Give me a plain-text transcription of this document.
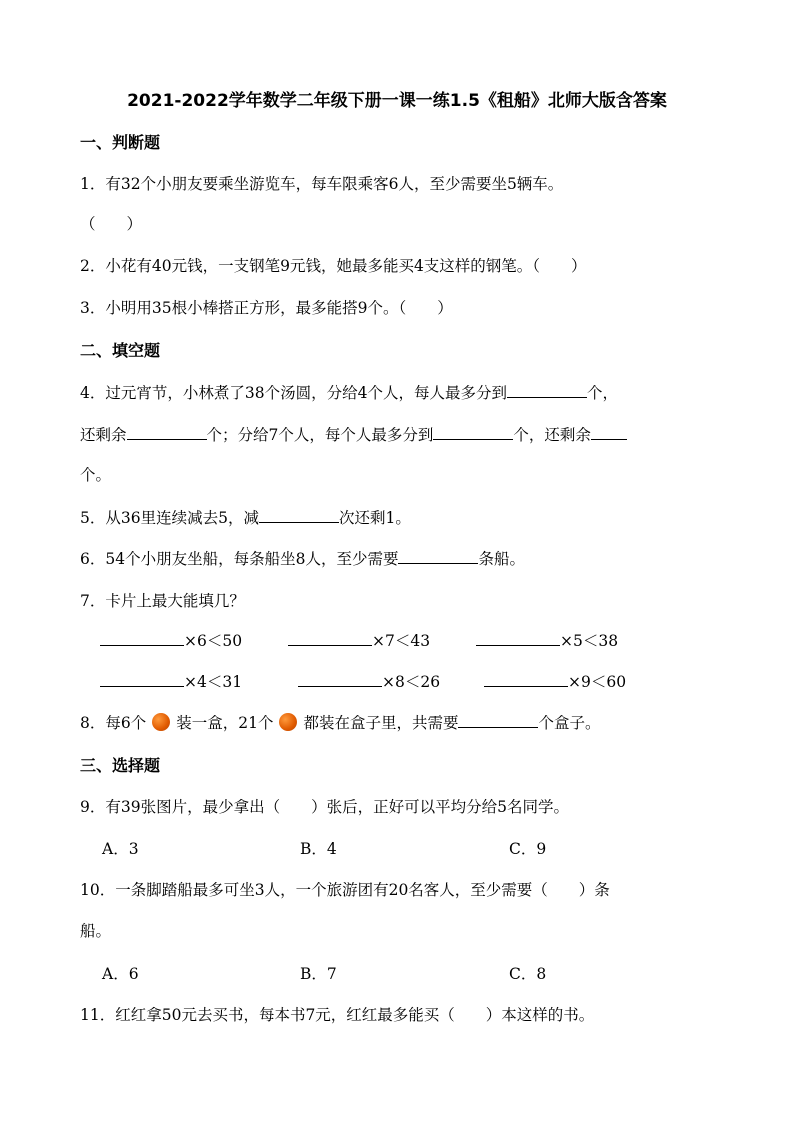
2021-2022学年数学二年级下册一课一练1.5《租船》北师大版含答案
一、判断题
1．有32个小朋友要乘坐游览车，每车限乘客6人，至少需要坐5辆车。
（　　）
2．小花有40元钱，一支钢笔9元钱，她最多能买4支这样的钢笔。（　　）
3．小明用35根小棒搭正方形，最多能搭9个。（　　）
二、填空题
4．过元宵节，小林煮了38个汤圆，分给4个人，每人最多分到	个，
还剩余	个；分给7个人，每个人最多分到	个，还剩余
个。
5．从36里连续减去5，减	次还剩1。
6．54个小朋友坐船，每条船坐8人，至少需要	条船。
7．卡片上最大能填几？
×6＜50	×7＜43	×5＜38
×4＜31	×8＜26	×9＜60
8．每6个 装一盒，21个 都装在盒子里，共需要	个盒子。
三、选择题
9．有39张图片，最少拿出（　　）张后，正好可以平均分给5名同学。
A．3	B．4	C．9
10．一条脚踏船最多可坐3人，一个旅游团有20名客人，至少需要（　　）条
船。
A．6	B．7	C．8
11．红红拿50元去买书，每本书7元，红红最多能买（　　）本这样的书。
